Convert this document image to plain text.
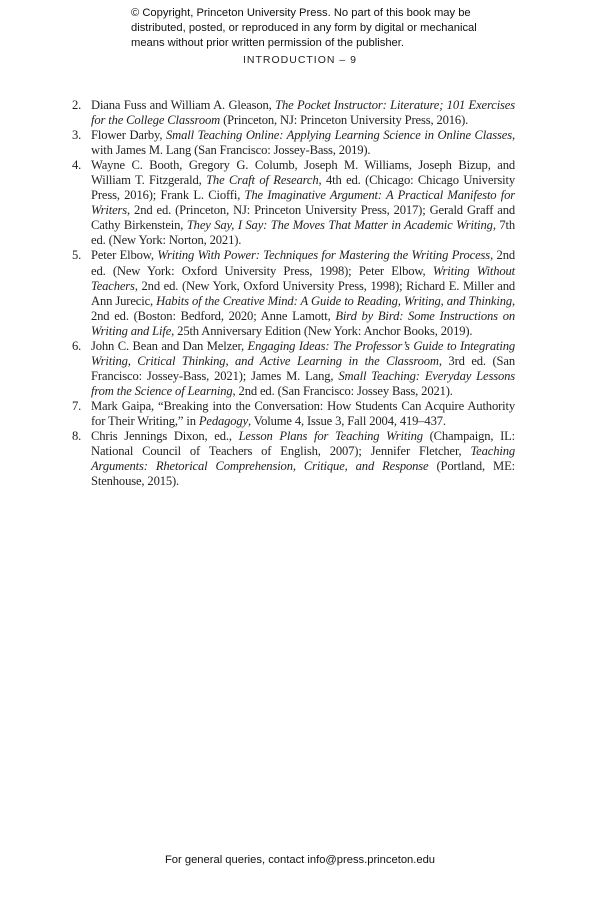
© Copyright, Princeton University Press. No part of this book may be distributed, posted, or reproduced in any form by digital or mechanical means without prior written permission of the publisher.
INTRODUCTION – 9
2. Diana Fuss and William A. Gleason, The Pocket Instructor: Literature; 101 Exercises for the College Classroom (Princeton, NJ: Princeton University Press, 2016).
3. Flower Darby, Small Teaching Online: Applying Learning Science in Online Classes, with James M. Lang (San Francisco: Jossey-Bass, 2019).
4. Wayne C. Booth, Gregory G. Columb, Joseph M. Williams, Joseph Bizup, and William T. Fitzgerald, The Craft of Research, 4th ed. (Chicago: Chicago University Press, 2016); Frank L. Cioffi, The Imaginative Argument: A Practical Manifesto for Writers, 2nd ed. (Princeton, NJ: Princeton University Press, 2017); Gerald Graff and Cathy Birkenstein, They Say, I Say: The Moves That Matter in Academic Writing, 7th ed. (New York: Norton, 2021).
5. Peter Elbow, Writing With Power: Techniques for Mastering the Writing Process, 2nd ed. (New York: Oxford University Press, 1998); Peter Elbow, Writing Without Teachers, 2nd ed. (New York, Oxford University Press, 1998); Richard E. Miller and Ann Jurecic, Habits of the Creative Mind: A Guide to Reading, Writing, and Thinking, 2nd ed. (Boston: Bedford, 2020; Anne Lamott, Bird by Bird: Some Instructions on Writing and Life, 25th Anniversary Edition (New York: Anchor Books, 2019).
6. John C. Bean and Dan Melzer, Engaging Ideas: The Professor’s Guide to Integrating Writing, Critical Thinking, and Active Learning in the Classroom, 3rd ed. (San Francisco: Jossey-Bass, 2021); James M. Lang, Small Teaching: Everyday Lessons from the Science of Learning, 2nd ed. (San Francisco: Jossey Bass, 2021).
7. Mark Gaipa, “Breaking into the Conversation: How Students Can Acquire Authority for Their Writing,” in Pedagogy, Volume 4, Issue 3, Fall 2004, 419–437.
8. Chris Jennings Dixon, ed., Lesson Plans for Teaching Writing (Champaign, IL: National Council of Teachers of English, 2007); Jennifer Fletcher, Teaching Arguments: Rhetorical Comprehension, Critique, and Response (Portland, ME: Stenhouse, 2015).
For general queries, contact info@press.princeton.edu
